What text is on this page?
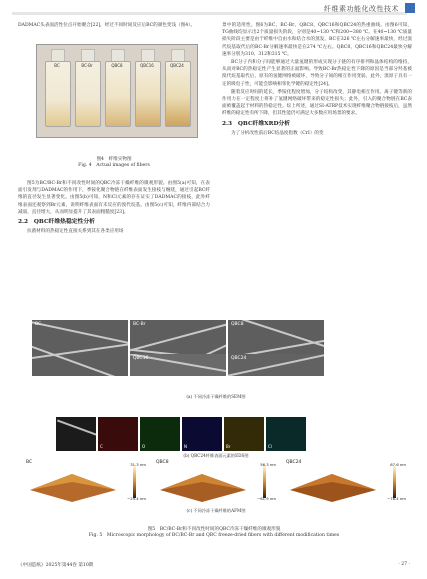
纤维素功能化改性技术

DADMAC头表面活性位点开始聚合[22]，经过不同时间反应后BC的颜色变浅（图4）。

BC	BC-Br	QBC8	QBC16	QBC24
图4　纤维实物图
Fig. 4　Actual images of fibers

图5为BC/BC-Br和不同改性时间的QBC冷冻干燥纤维的微观形貌。由图5(a)可知，在表面引发剂与DADMAC的作用下，季铵化聚合物链在纤维表面发生接枝与缠绕，通过引起BC纤维的直径发生显著变化。由图5(b)可知，N和Cl元素的存在证实了DADMAC的接枝，此外纤维表面还观察到Br元素，说明纤维表面有未反应的溴代烷基。由图5(c)可知，纤维内部结合力减弱，直径增大，从而明显提升了其表面粗糙度[23]。

2.2　QBC纤维热稳定性分析

抗菌材料的热稳定性直接关系到其在各类应用场

景中的适用性。图6为BC、BC-Br、QBC8、QBC16和QBC24的热重曲线。由图6可知，TG曲线均显示出2个质量损失阶段，分别是40~130 ℃和200~380 ℃。在40~130 ℃质量损失阶段主要是由于纤维中自由水和结合水的蒸发。BC在326 ℃左右分解速率最快，经过溴代烷基取代后的BC-Br分解速率最快是在274 ℃左右。QBC8、QBC16和QBC24最快分解速率分别为310、312和315 ℃。

BC分子内和分子间能够通过大量氢键的形成实现分子链的有序排列和晶体结构的维持，从而对BC的热稳定性产生显著的正面影响。导致BC-Br热稳定性下降的原因是当部分羟基被溴代烷基取代后，原有的氢键网络被破坏，导致分子间的相互作用变弱，此外，溴原子具有一定的吸电子性，可能会影响相邻化学键的稳定性[24]。

随着反应时间的延长，季铵化程度增加，分子结构改变，其静电相互作用。离子键等新的作用力在一定程度上将补了氢键网络破坏带来的稳定性损失；此外，引入的聚合物链在BC表面被覆盖起于材料的热稳定性。综上所述，通过SI-ATRP技术实现纤维聚合物链接枝后，虽然纤维的稳定性有所下降，但其性能仍可满足大多数应用场景的要求。

2.3　QBC纤维XRD分析

为了分析改性前后BC结晶度指数（CrI）的变

BC	BC-Br	QBC8
QBC16	QBC24
(a) 不同冷冻干燥纤维的SEM图
C	O	N	Br	Cl
(b) QBC24纤维表面元素的EDS图
BC	31.3 nm
−24.4 nm
QBC8	56.3 nm
−61.9 nm
QBC24	67.6 nm
−78.4 nm
(c) 不同冷冻干燥纤维的AFM图
图5　BC/BC-Br和不同改性时间的QBC冷冻干燥纤维的微观形貌
Fig. 5　Microscopic morphology of BC/BC-Br and QBC freeze-dried fibers with different modification times
《中国造纸》2025年第44卷 第10期	· 27 ·
